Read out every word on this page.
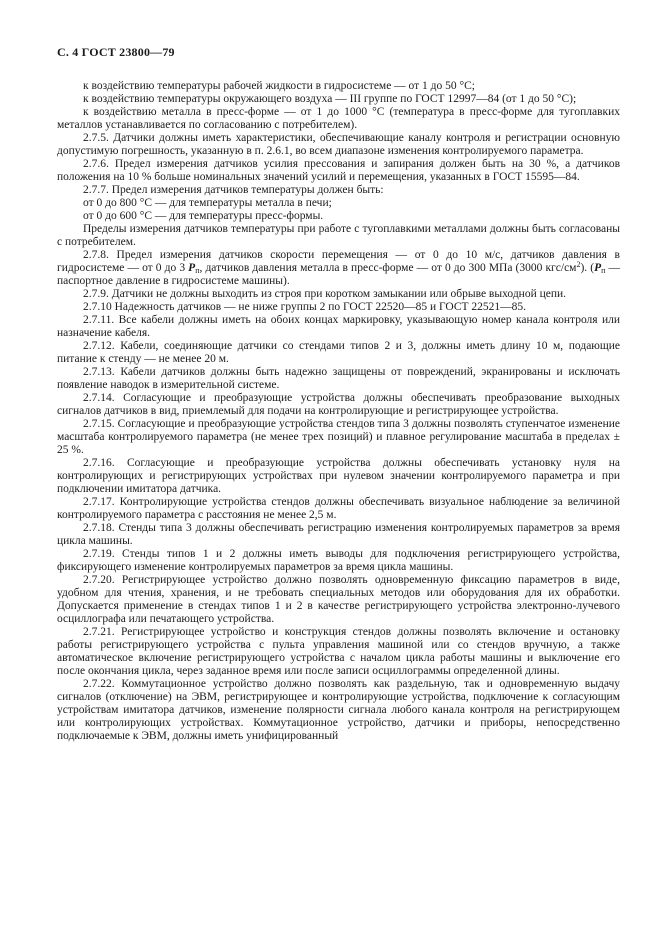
С. 4 ГОСТ 23800—79

к воздействию температуры рабочей жидкости в гидросистеме — от 1 до 50 °С;

к воздействию температуры окружающего воздуха — III группе по ГОСТ 12997—84 (от 1 до 50 °С);

к воздействию металла в пресс-форме — от 1 до 1000 °С (температура в пресс-форме для тугоплавких металлов устанавливается по согласованию с потребителем).

2.7.5. Датчики должны иметь характеристики, обеспечивающие каналу контроля и регистрации основную допустимую погрешность, указанную в п. 2.6.1, во всем диапазоне изменения контролируемого параметра.

2.7.6. Предел измерения датчиков усилия прессования и запирания должен быть на 30 %, а датчиков положения на 10 % больше номинальных значений усилий и перемещения, указанных в ГОСТ 15595—84.

2.7.7. Предел измерения датчиков температуры должен быть:

от 0 до 800 °С — для температуры металла в печи;

от 0 до 600 °С — для температуры пресс-формы.

Пределы измерения датчиков температуры при работе с тугоплавкими металлами должны быть согласованы с потребителем.

2.7.8. Предел измерения датчиков скорости перемещения — от 0 до 10 м/с, датчиков давления в гидросистеме — от 0 до 3 $Р_п$, датчиков давления металла в пресс-форме — от 0 до 300 МПа (3000 кгс/$см^2$). ($Р_п$ — паспортное давление в гидросистеме машины).

2.7.9. Датчики не должны выходить из строя при коротком замыкании или обрыве выходной цепи.

2.7.10 Надежность датчиков — не ниже группы 2 по ГОСТ 22520—85 и ГОСТ 22521—85.

2.7.11. Все кабели должны иметь на обоих концах маркировку, указывающую номер канала контроля или назначение кабеля.

2.7.12. Кабели, соединяющие датчики со стендами типов 2 и 3, должны иметь длину 10 м, подающие питание к стенду — не менее 20 м.

2.7.13. Кабели датчиков должны быть надежно защищены от повреждений, экранированы и исключать появление наводок в измерительной системе.

2.7.14. Согласующие и преобразующие устройства должны обеспечивать преобразование выходных сигналов датчиков в вид, приемлемый для подачи на контролирующие и регистрирующее устройства.

2.7.15. Согласующие и преобразующие устройства стендов типа 3 должны позволять ступенчатое изменение масштаба контролируемого параметра (не менее трех позиций) и плавное регулирование масштаба в пределах ± 25 %.

2.7.16. Согласующие и преобразующие устройства должны обеспечивать установку нуля на контролирующих и регистрирующих устройствах при нулевом значении контролируемого параметра и при подключении имитатора датчика.

2.7.17. Контролирующие устройства стендов должны обеспечивать визуальное наблюдение за величиной контролируемого параметра с расстояния не менее 2,5 м.

2.7.18. Стенды типа 3 должны обеспечивать регистрацию изменения контролируемых параметров за время цикла машины.

2.7.19. Стенды типов 1 и 2 должны иметь выводы для подключения регистрирующего устройства, фиксирующего изменение контролируемых параметров за время цикла машины.

2.7.20. Регистрирующее устройство должно позволять одновременную фиксацию параметров в виде, удобном для чтения, хранения, и не требовать специальных методов или оборудования для их обработки. Допускается применение в стендах типов 1 и 2 в качестве регистрирующего устройства электронно-лучевого осциллографа или печатающего устройства.

2.7.21. Регистрирующее устройство и конструкция стендов должны позволять включение и остановку работы регистрирующего устройства с пульта управления машиной или со стендов вручную, а также автоматическое включение регистрирующего устройства с началом цикла работы машины и выключение его после окончания цикла, через заданное время или после записи осциллограммы определенной длины.

2.7.22. Коммутационное устройство должно позволять как раздельную, так и одновременную выдачу сигналов (отключение) на ЭВМ, регистрирующее и контролирующие устройства, подключение к согласующим устройствам имитатора датчиков, изменение полярности сигнала любого канала контроля на регистрирующем или контролирующих устройствах. Коммутационное устройство, датчики и приборы, непосредственно подключаемые к ЭВМ, должны иметь унифицированный
